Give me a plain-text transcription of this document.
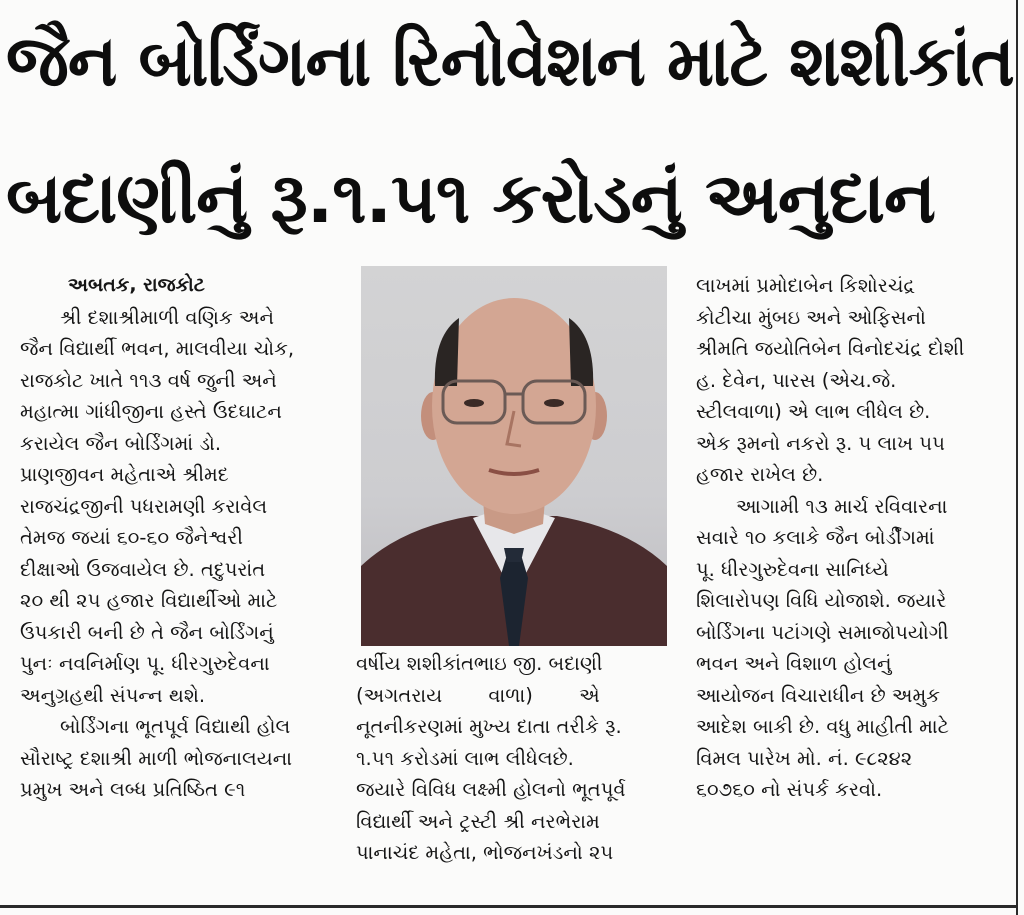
જૈન બોર્ડિંગના રિનોવેશન માટે શશીકાંત
બદાણીનું રૂ.૧.૫૧ કરોડનું અનુદાન

અબતક, રાજકોટ

શ્રી દશાશ્રીમાળી વણિક અને

જૈન વિદ્યાર્થી ભવન, માલવીયા ચોક,

રાજકોટ ખાતે ૧૧૩ વર્ષ જુની અને

મહાત્મા ગાંધીજીના હસ્તે ઉદઘાટન

કરાયેલ જૈન બોર્ડિંગમાં ડો.

પ્રાણજીવન મહેતાએ શ્રીમદ

રાજચંદ્રજીની પધરામણી કરાવેલ

તેમજ જયાં ૬૦-૬૦ જૈનેશ્વરી

દીક્ષાઓ ઉજવાયેલ છે. તદુપરાંત

૨૦ થી ૨૫ હજાર વિદ્યાર્થીઓ માટે

ઉપકારી બની છે તે જૈન બોર્ડિંગનું

પુનઃ નવનિર્માણ પૂ. ધીરગુરુદેવના

અનુગ્રહથી સંપન્ન થશે.

બોર્ડિંગના ભૂતપૂર્વ વિદ્યાથી હોલ

સૌરાષ્ટ્ર દશાશ્રી માળી ભોજનાલયના

પ્રમુખ અને લબ્ધ પ્રતિષ્ઠિત ૯૧

વર્ષીય શશીકાંતભાઇ જી. બદાણી

(અગતરાય વાળા) એ

નૂતનીકરણમાં મુખ્ય દાતા તરીકે રૂ.

૧.૫૧ કરોડમાં લાભ લીધેલછે.

જયારે વિવિધ લક્ષ્મી હોલનો ભૂતપૂર્વ

વિદ્યાર્થી અને ટ્રસ્ટી શ્રી નરભેરામ

પાનાચંદ મહેતા, ભોજનખંડનો ૨૫

લાખમાં પ્રમોદાબેન કિશોરચંદ્ર

કોટીચા મુંબઇ અને ઓફિસનો

શ્રીમતિ જયોતિબેન વિનોદચંદ્ર દોશી

હ. દેવેન, પારસ (એચ.જે.

સ્ટીલવાળા) એ લાભ લીધેલ છે.

એક રૂમનો નકરો રૂ. ૫ લાખ ૫૫

હજાર રાખેલ છે.

આગામી ૧૩ માર્ચ રવિવારના

સવારે ૧૦ કલાકે જૈન બોર્ડીંગમાં

પૂ. ધીરગુરુદેવના સાનિધ્યે

શિલારોપણ વિધિ યોજાશે. જયારે

બોર્ડિંગના પટાંગણે સમાજોપયોગી

ભવન અને વિશાળ હોલનું

આયોજન વિચારાધીન છે અમુક

આદેશ બાકી છે. વધુ માહીતી માટે

વિમલ પારેખ મો. નં. ૯૮૨૪૨

૬૦૭૬૦ નો સંપર્ક કરવો.
